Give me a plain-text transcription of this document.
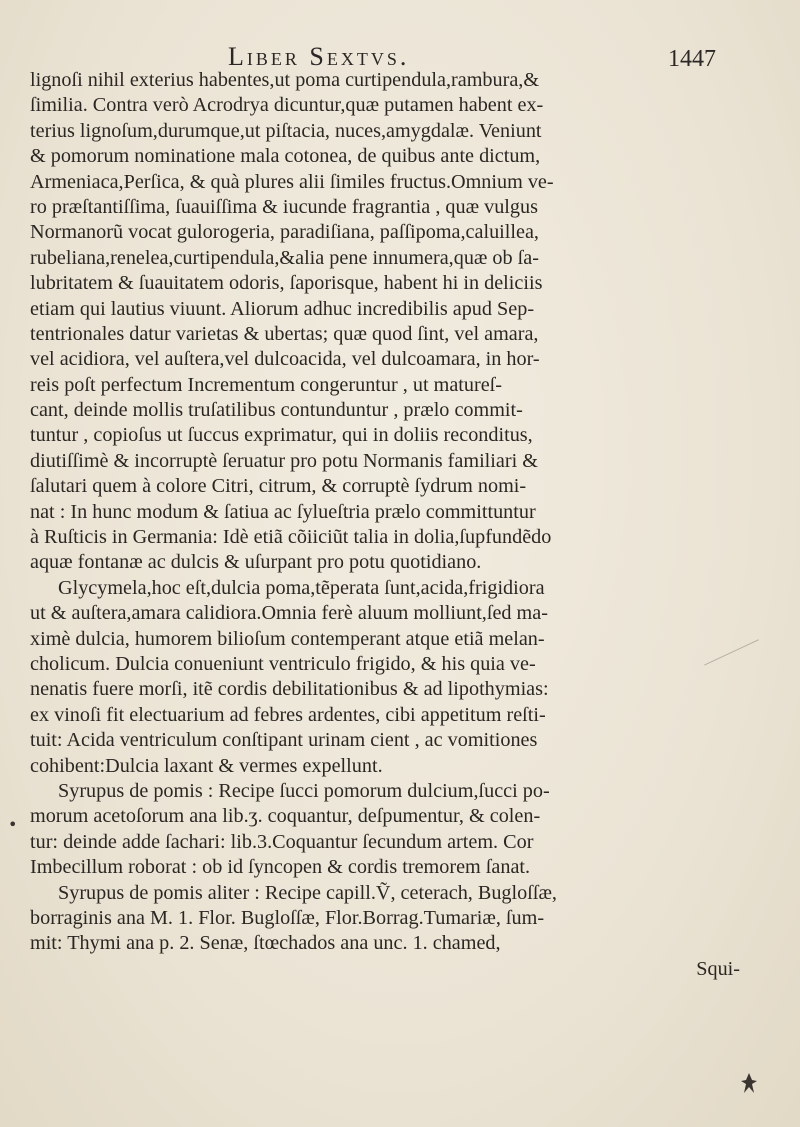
Liber Sextvs.	1447
lignoſi nihil exterius habentes,ut poma curtipendula,rambura,&
ſimilia. Contra verò Acrodrya dicuntur,quæ putamen habent ex-
terius lignoſum,durumque,ut piſtacia, nuces,amygdalæ. Veniunt
& pomorum nominatione mala cotonea, de quibus ante dictum,
Armeniaca,Perſica, & quà plures alii ſimiles fructus.Omnium ve-
ro præſtantiſſima, ſuauiſſima & iucunde fragrantia , quæ vulgus
Normanorũ vocat gulorogeria, paradiſiana, paſſipoma,caluillea,
rubeliana,renelea,curtipendula,&alia pene innumera,quæ ob ſa-
lubritatem & ſuauitatem odoris, ſaporisque, habent hi in deliciis
etiam qui lautius viuunt. Aliorum adhuc incredibilis apud Sep-
tentrionales datur varietas & ubertas; quæ quod ſint, vel amara,
vel acidiora, vel auſtera,vel dulcoacida, vel dulcoamara, in hor-
reis poſt perfectum Incrementum congeruntur , ut matureſ-
cant, deinde mollis truſatilibus contunduntur , prælo commit-
tuntur , copioſus ut ſuccus exprimatur, qui in doliis reconditus,
diutiſſimè & incorruptè ſeruatur pro potu Normanis familiari &
ſalutari quem à colore Citri, citrum, & corruptè ſydrum nomi-
nat : In hunc modum & ſatiua ac ſylueſtria prælo committuntur
à Ruſticis in Germania: Idè etiã cõiiciũt talia in dolia,ſupfundẽdo
aquæ fontanæ ac dulcis & uſurpant pro potu quotidiano.
Glycymela,hoc eſt,dulcia poma,tẽperata ſunt,acida,frigidiora
ut & auſtera,amara calidiora.Omnia ferè aluum molliunt,ſed ma-
ximè dulcia, humorem bilioſum contemperant atque etiã melan-
cholicum. Dulcia conueniunt ventriculo frigido, & his quia ve-
nenatis fuere morſi, itẽ cordis debilitationibus & ad lipothymias:
ex vinoſi fit electuarium ad febres ardentes, cibi appetitum reſti-
tuit: Acida ventriculum conſtipant urinam cient , ac vomitiones
cohibent:Dulcia laxant & vermes expellunt.
Syrupus de pomis : Recipe ſucci pomorum dulcium,ſucci po-
morum acetoſorum ana lib.ʒ. coquantur, deſpumentur, & colen-
tur: deinde adde ſachari: lib.3.Coquantur ſecundum artem. Cor
Imbecillum roborat : ob id ſyncopen & cordis tremorem ſanat.
Syrupus de pomis aliter : Recipe capill.Ṽ, ceterach, Bugloſſæ,
borraginis ana M. 1. Flor. Bugloſſæ, Flor.Borrag.Tumariæ, ſum-
mit: Thymi ana p. 2. Senæ, ſtœchados ana unc. 1. chamed,
Squi-
•
